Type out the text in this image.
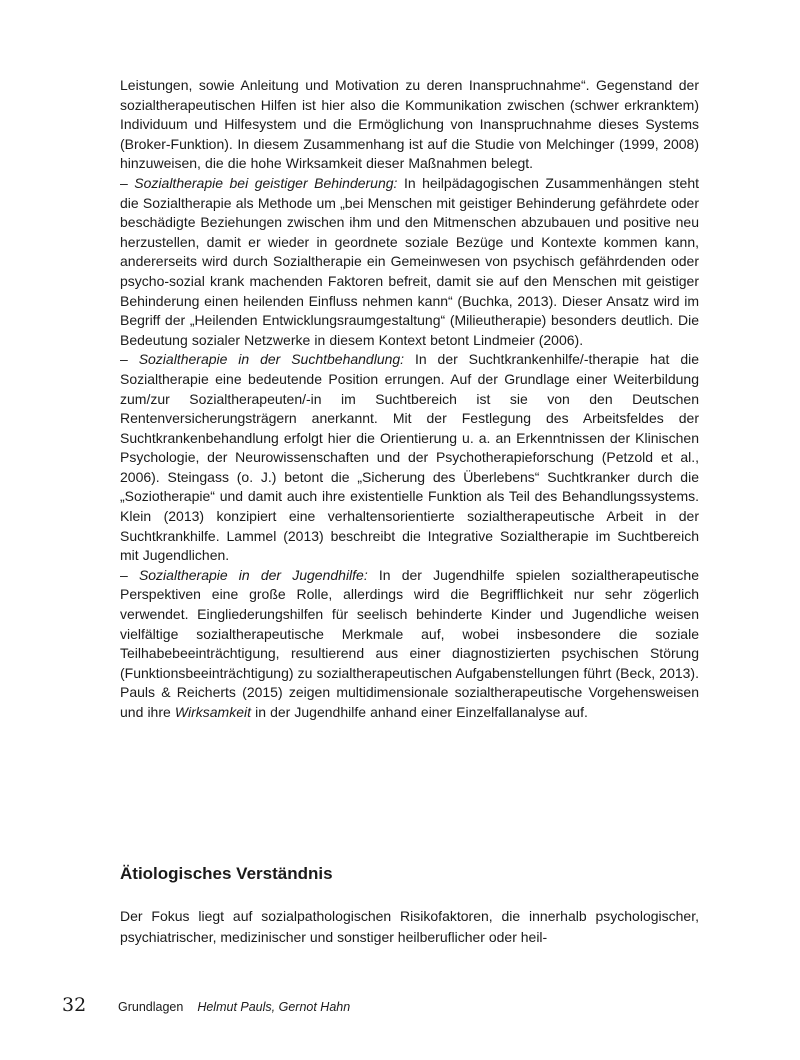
Leistungen, sowie Anleitung und Motivation zu deren Inanspruchnahme“. Gegenstand der sozialtherapeutischen Hilfen ist hier also die Kommunikation zwischen (schwer erkranktem) Individuum und Hilfesystem und die Ermöglichung von Inanspruchnahme dieses Systems (Broker-Funktion). In diesem Zusammenhang ist auf die Studie von Melchinger (1999, 2008) hinzuweisen, die die hohe Wirksamkeit dieser Maßnahmen belegt.

– Sozialtherapie bei geistiger Behinderung: In heilpädagogischen Zusammenhängen steht die Sozialtherapie als Methode um „bei Menschen mit geistiger Behinderung gefährdete oder beschädigte Beziehungen zwischen ihm und den Mitmenschen abzubauen und positive neu herzustellen, damit er wieder in geordnete soziale Bezüge und Kontexte kommen kann, andererseits wird durch Sozialtherapie ein Gemeinwesen von psychisch gefährdenden oder psycho-sozial krank machenden Faktoren befreit, damit sie auf den Menschen mit geistiger Behinderung einen heilenden Einfluss nehmen kann“ (Buchka, 2013). Dieser Ansatz wird im Begriff der „Heilenden Entwicklungsraumgestaltung“ (Milieutherapie) besonders deutlich. Die Bedeutung sozialer Netzwerke in diesem Kontext betont Lindmeier (2006).

– Sozialtherapie in der Suchtbehandlung: In der Suchtkrankenhilfe/-therapie hat die Sozialtherapie eine bedeutende Position errungen. Auf der Grundlage einer Weiterbildung zum/zur Sozialtherapeuten/-in im Suchtbereich ist sie von den Deutschen Rentenversicherungsträgern anerkannt. Mit der Festlegung des Arbeitsfeldes der Suchtkrankenbehandlung erfolgt hier die Orientierung u. a. an Erkenntnissen der Klinischen Psychologie, der Neurowissenschaften und der Psychotherapieforschung (Petzold et al., 2006). Steingass (o. J.) betont die „Sicherung des Überlebens“ Suchtkranker durch die „Soziotherapie“ und damit auch ihre existentielle Funktion als Teil des Behandlungssystems. Klein (2013) konzipiert eine verhaltensorientierte sozialtherapeutische Arbeit in der Suchtkrankhilfe. Lammel (2013) beschreibt die Integrative Sozialtherapie im Suchtbereich mit Jugendlichen.

– Sozialtherapie in der Jugendhilfe: In der Jugendhilfe spielen sozialtherapeutische Perspektiven eine große Rolle, allerdings wird die Begrifflichkeit nur sehr zögerlich verwendet. Eingliederungshilfen für seelisch behinderte Kinder und Jugendliche weisen vielfältige sozialtherapeutische Merkmale auf, wobei insbesondere die soziale Teilhabebeeinträchtigung, resultierend aus einer diagnostizierten psychischen Störung (Funktionsbeeinträchtigung) zu sozialtherapeutischen Aufgabenstellungen führt (Beck, 2013). Pauls & Reicherts (2015) zeigen multidimensionale sozialtherapeutische Vorgehensweisen und ihre Wirksamkeit in der Jugendhilfe anhand einer Einzelfallanalyse auf.

Ätiologisches Verständnis

Der Fokus liegt auf sozialpathologischen Risikofaktoren, die innerhalb psychologischer, psychiatrischer, medizinischer und sonstiger heilberuflicher oder heil-

32	Grundlagen Helmut Pauls, Gernot Hahn
